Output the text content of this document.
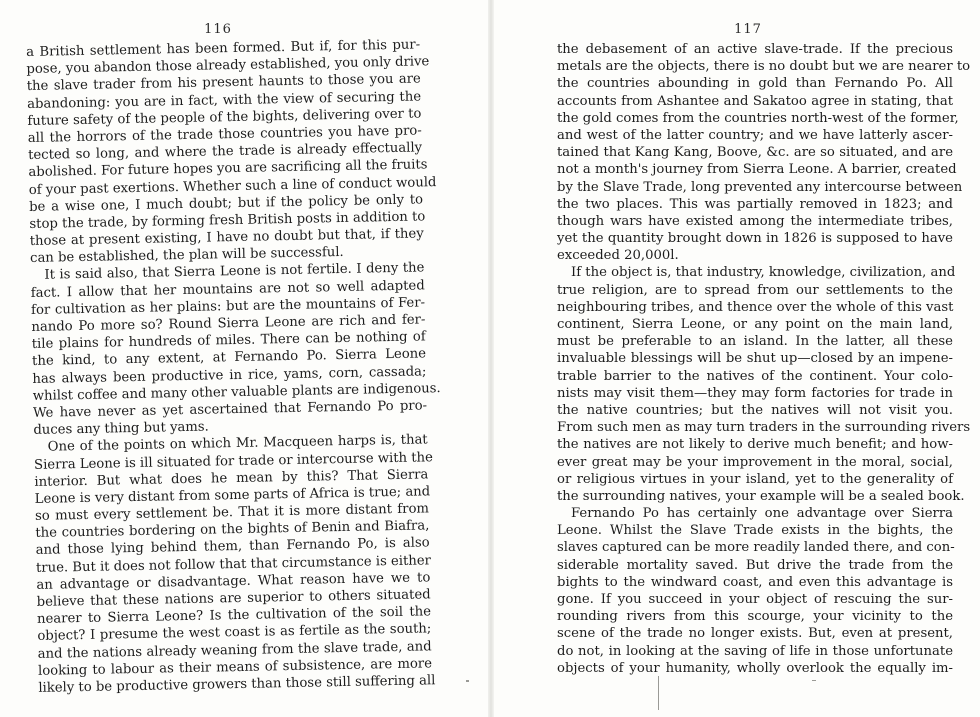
116
a British settlement has been formed. But if, for this pur-
pose, you abandon those already established, you only drive
the slave trader from his present haunts to those you are
abandoning: you are in fact, with the view of securing the
future safety of the people of the bights, delivering over to
all the horrors of the trade those countries you have pro-
tected so long, and where the trade is already effectually
abolished. For future hopes you are sacrificing all the fruits
of your past exertions. Whether such a line of conduct would
be a wise one, I much doubt; but if the policy be only to
stop the trade, by forming fresh British posts in addition to
those at present existing, I have no doubt but that, if they
can be established, the plan will be successful.
It is said also, that Sierra Leone is not fertile. I deny the
fact. I allow that her mountains are not so well adapted
for cultivation as her plains: but are the mountains of Fer-
nando Po more so? Round Sierra Leone are rich and fer-
tile plains for hundreds of miles. There can be nothing of
the kind, to any extent, at Fernando Po. Sierra Leone
has always been productive in rice, yams, corn, cassada;
whilst coffee and many other valuable plants are indigenous.
We have never as yet ascertained that Fernando Po pro-
duces any thing but yams.
One of the points on which Mr. Macqueen harps is, that
Sierra Leone is ill situated for trade or intercourse with the
interior. But what does he mean by this? That Sierra
Leone is very distant from some parts of Africa is true; and
so must every settlement be. That it is more distant from
the countries bordering on the bights of Benin and Biafra,
and those lying behind them, than Fernando Po, is also
true. But it does not follow that that circumstance is either
an advantage or disadvantage. What reason have we to
believe that these nations are superior to others situated
nearer to Sierra Leone? Is the cultivation of the soil the
object? I presume the west coast is as fertile as the south;
and the nations already weaning from the slave trade, and
looking to labour as their means of subsistence, are more
likely to be productive growers than those still suffering all
117
the debasement of an active slave-trade. If the precious
metals are the objects, there is no doubt but we are nearer to
the countries abounding in gold than Fernando Po. All
accounts from Ashantee and Sakatoo agree in stating, that
the gold comes from the countries north-west of the former,
and west of the latter country; and we have latterly ascer-
tained that Kang Kang, Boove, &c. are so situated, and are
not a month's journey from Sierra Leone. A barrier, created
by the Slave Trade, long prevented any intercourse between
the two places. This was partially removed in 1823; and
though wars have existed among the intermediate tribes,
yet the quantity brought down in 1826 is supposed to have
exceeded 20,000l.
If the object is, that industry, knowledge, civilization, and
true religion, are to spread from our settlements to the
neighbouring tribes, and thence over the whole of this vast
continent, Sierra Leone, or any point on the main land,
must be preferable to an island. In the latter, all these
invaluable blessings will be shut up—closed by an impene-
trable barrier to the natives of the continent. Your colo-
nists may visit them—they may form factories for trade in
the native countries; but the natives will not visit you.
From such men as may turn traders in the surrounding rivers
the natives are not likely to derive much benefit; and how-
ever great may be your improvement in the moral, social,
or religious virtues in your island, yet to the generality of
the surrounding natives, your example will be a sealed book.
Fernando Po has certainly one advantage over Sierra
Leone. Whilst the Slave Trade exists in the bights, the
slaves captured can be more readily landed there, and con-
siderable mortality saved. But drive the trade from the
bights to the windward coast, and even this advantage is
gone. If you succeed in your object of rescuing the sur-
rounding rivers from this scourge, your vicinity to the
scene of the trade no longer exists. But, even at present,
do not, in looking at the saving of life in those unfortunate
objects of your humanity, wholly overlook the equally im-
